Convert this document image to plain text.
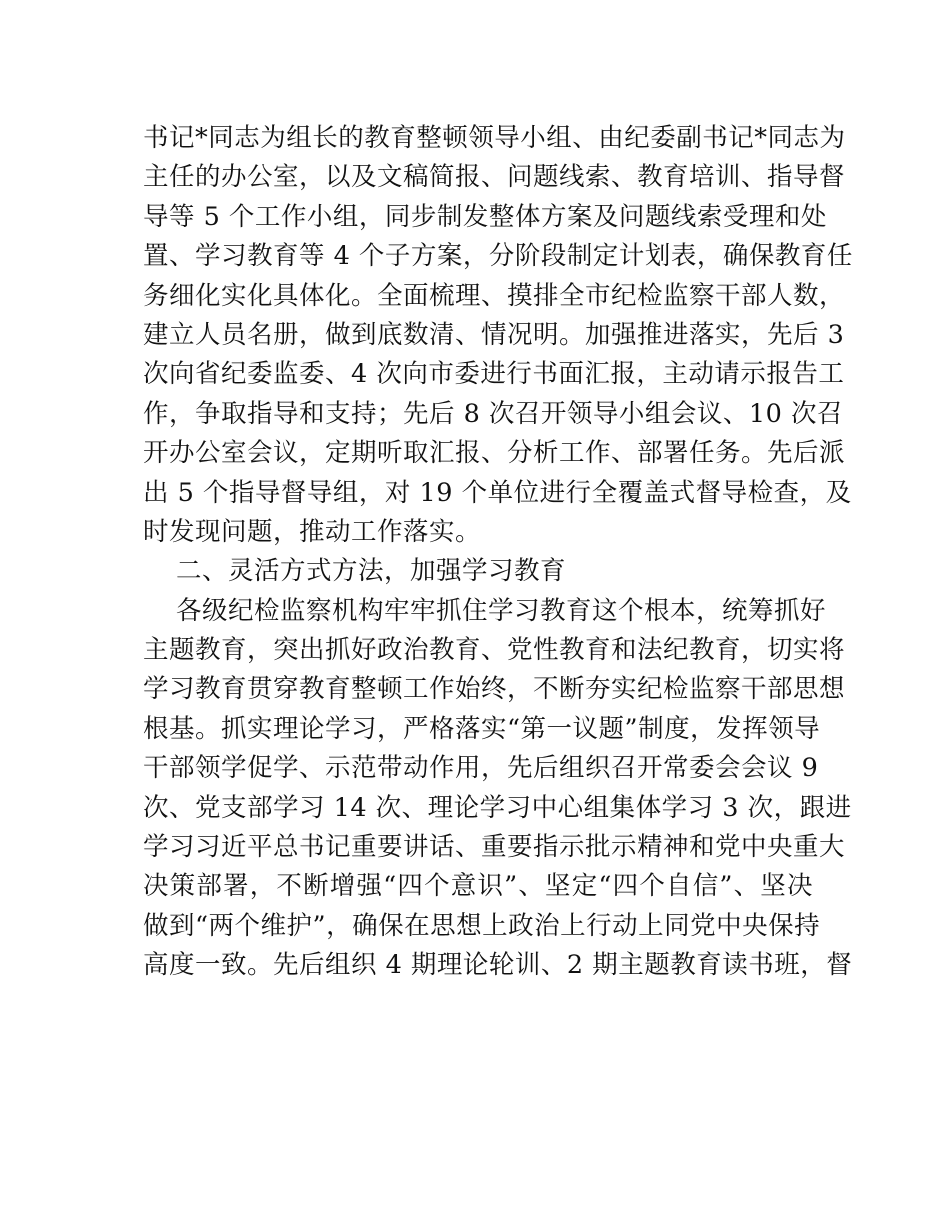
书记*同志为组长的教育整顿领导小组、由纪委副书记*同志为
主任的办公室，以及文稿简报、问题线索、教育培训、指导督
导等 5 个工作小组，同步制发整体方案及问题线索受理和处
置、学习教育等 4 个子方案，分阶段制定计划表，确保教育任
务细化实化具体化。全面梳理、摸排全市纪检监察干部人数，
建立人员名册，做到底数清、情况明。加强推进落实，先后 3
次向省纪委监委、4 次向市委进行书面汇报，主动请示报告工
作，争取指导和支持；先后 8 次召开领导小组会议、10 次召
开办公室会议，定期听取汇报、分析工作、部署任务。先后派
出 5 个指导督导组，对 19 个单位进行全覆盖式督导检查，及
时发现问题，推动工作落实。
二、灵活方式方法，加强学习教育
各级纪检监察机构牢牢抓住学习教育这个根本，统筹抓好
主题教育，突出抓好政治教育、党性教育和法纪教育，切实将
学习教育贯穿教育整顿工作始终，不断夯实纪检监察干部思想
根基。抓实理论学习，严格落实“第一议题”制度，发挥领导
干部领学促学、示范带动作用，先后组织召开常委会会议 9
次、党支部学习 14 次、理论学习中心组集体学习 3 次，跟进
学习习近平总书记重要讲话、重要指示批示精神和党中央重大
决策部署，不断增强“四个意识”、坚定“四个自信”、坚决
做到“两个维护”，确保在思想上政治上行动上同党中央保持
高度一致。先后组织 4 期理论轮训、2 期主题教育读书班，督
